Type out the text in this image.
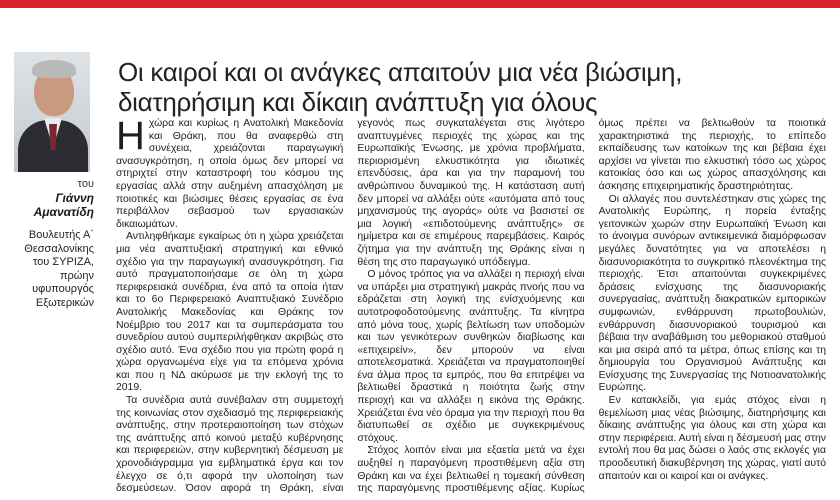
του
Γιάννη Αμανατίδη
Βουλευτής Α΄ Θεσσαλονίκης του ΣΥΡΙΖΑ, πρώην υφυπουργός Εξωτερικών
Οι καιροί και οι ανάγκες απαιτούν μια νέα βιώσιμη, διατηρήσιμη και δίκαιη ανάπτυξη για όλους

Ηχώρα και κυρίως η Ανατολική Μακεδονία και Θράκη, που θα αναφερθώ στη συνέχεια, χρειάζονται παραγωγική ανασυγκρότηση, η οποία όμως δεν μπορεί να στηριχτεί στην καταστροφή του κόσμου της εργασίας αλλά στην αυξημένη απασχόληση με ποιοτικές και βιώσιμες θέσεις εργασίας σε ένα περιβάλλον σεβασμού των εργασιακών δικαιωμάτων.

Αντιληφθήκαμε εγκαίρως ότι η χώρα χρειάζεται μια νέα αναπτυξιακή στρατηγική και εθνικό σχέδιο για την παραγωγική ανασυγκρότηση. Για αυτό πραγματοποιήσαμε σε όλη τη χώρα περιφερειακά συνέδρια, ένα από τα οποία ήταν και το 6ο Περιφερειακό Αναπτυξιακό Συνέδριο Ανατολικής Μακεδονίας και Θράκης τον Νοέμβριο του 2017 και τα συμπεράσματα του συνεδρίου αυτού συμπεριλήφθηκαν ακριβώς στο σχέδιο αυτό. Ένα σχέδιο που για πρώτη φορά η χώρα οργανωμένα είχε για τα επόμενα χρόνια και που η ΝΔ ακύρωσε με την εκλογή της το 2019.

Τα συνέδρια αυτά συνέβαλαν στη συμμετοχή της κοινωνίας στον σχεδιασμό της περιφερειακής ανάπτυξης, στην προτεραιοποίηση των στόχων της ανάπτυξης από κοινού μεταξύ κυβέρνησης και περιφερειών, στην κυβερνητική δέσμευση με χρονοδιάγραμμα για εμβληματικά έργα και τον έλεγχο σε ό,τι αφορά την υλοποίηση των δεσμεύσεων. Όσον αφορά τη Θράκη, είναι γεγονός πως συγκαταλέγεται στις λιγότερο αναπτυγμένες περιοχές της χώρας και της Ευρωπαϊκής Ένωσης, με χρόνια προβλήματα, περιορισμένη ελκυστικότητα για ιδιωτικές επενδύσεις, άρα και για την παραμονή του ανθρώπινου δυναμικού της. Η κατάσταση αυτή δεν μπορεί να αλλάξει ούτε «αυτόματα από τους μηχανισμούς της αγοράς» ούτε να βασιστεί σε μια λογική «επιδοτούμενης ανάπτυξης» σε ημίμετρα και σε επιμέρους παρεμβάσεις. Καιρός ζήτημα για την ανάπτυξη της Θράκης είναι η θέση της στο παραγωγικό υπόδειγμα.

Ο μόνος τρόπος για να αλλάξει η περιοχή είναι να υπάρξει μια στρατηγική μακράς πνοής που να εδράζεται στη λογική της ενίσχυόμενης και αυτοτροφοδοτούμενης ανάπτυξης. Τα κίνητρα από μόνα τους, χωρίς βελτίωση των υποδομών και των γενικότερων συνθηκών διαβίωσης και «επιχειρείν», δεν μπορούν να είναι αποτελεσματικά. Χρειάζεται να πραγματοποιηθεί ένα άλμα προς τα εμπρός, που θα επιτρέψει να βελτιωθεί δραστικά η ποιότητα ζωής στην περιοχή και να αλλάξει η εικόνα της Θράκης. Χρειάζεται ένα νέο όραμα για την περιοχή που θα διατυπωθεί σε σχέδιο με συγκεκριμένους στόχους.

Στόχος λοιπόν είναι μια εξαετία μετά να έχει αυξηθεί η παραγόμενη προστιθέμενη αξία στη Θράκη και να έχει βελτιωθεί η τομεακή σύνθεση της παραγόμενης προστιθέμενης αξίας. Κυρίως όμως πρέπει να βελτιωθούν τα ποιοτικά χαρακτηριστικά της περιοχής, το επίπεδο εκπαίδευσης των κατοίκων της και βέβαια έχει αρχίσει να γίνεται πιο ελκυστική τόσο ως χώρος κατοικίας όσο και ως χώρος απασχόλησης και άσκησης επιχειρηματικής δραστηριότητας.

Οι αλλαγές που συντελέστηκαν στις χώρες της Ανατολικής Ευρώπης, η πορεία ένταξης γειτονικών χωρών στην Ευρωπαϊκή Ένωση και το άνοιγμα συνόρων αντικειμενικά διαμόρφωσαν μεγάλες δυνατότητες για να αποτελέσει η διασυνοριακότητα το συγκριτικό πλεονέκτημα της περιοχής. Έτσι απαιτούνται συγκεκριμένες δράσεις ενίσχυσης της διασυνοριακής συνεργασίας, ανάπτυξη διακρατικών εμπορικών συμφωνιών, ενθάρρυνση πρωτοβουλιών, ενθάρρυνση διασυνοριακού τουρισμού και βέβαια την αναβάθμιση του μεθοριακού σταθμού και μια σειρά από τα μέτρα, όπως επίσης και τη δημιουργία του Οργανισμού Ανάπτυξης και Ενίσχυσης της Συνεργασίας της Νοτιοανατολικής Ευρώπης.

Εν κατακλείδι, για εμάς στόχος είναι η θεμελίωση μιας νέας βιώσιμης, διατηρήσιμης και δίκαιης ανάπτυξης για όλους και στη χώρα και στην περιφέρεια. Αυτή είναι η δέσμευσή μας στην εντολή που θα μας δώσει ο λαός στις εκλογές για προοδευτική διακυβέρνηση της χώρας, γιατί αυτό απαιτούν και οι καιροί και οι ανάγκες.
